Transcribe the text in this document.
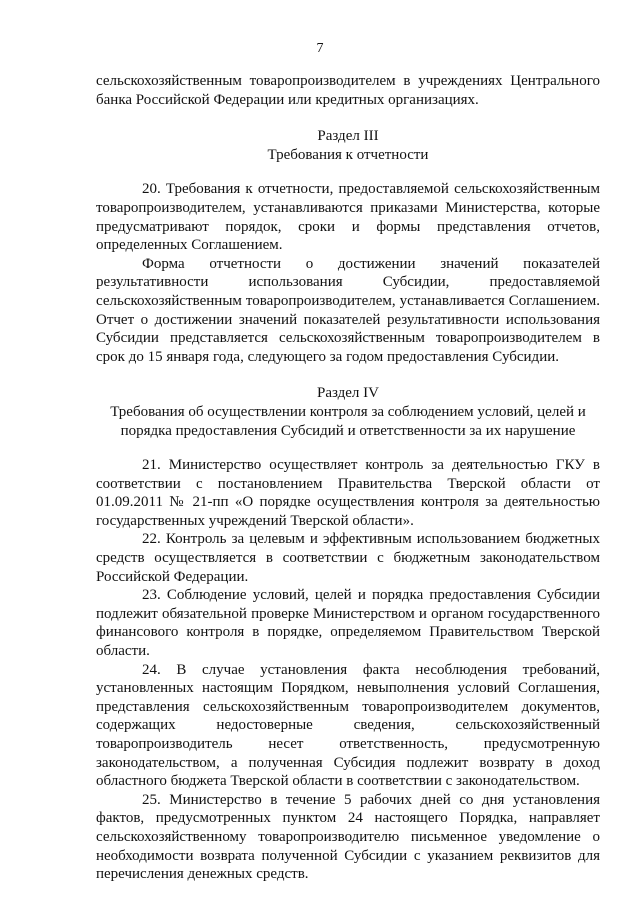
7

сельскохозяйственным товаропроизводителем в учреждениях Центрального банка Российской Федерации или кредитных организациях.

Раздел III

Требования к отчетности

20. Требования к отчетности, предоставляемой сельскохозяйственным товаропроизводителем, устанавливаются приказами Министерства, которые предусматривают порядок, сроки и формы представления отчетов, определенных Соглашением.

Форма отчетности о достижении значений показателей результативности использования Субсидии, предоставляемой сельскохозяйственным товаропроизводителем, устанавливается Соглашением. Отчет о достижении значений показателей результативности использования Субсидии представляется сельскохозяйственным товаропроизводителем в срок до 15 января года, следующего за годом предоставления Субсидии.

Раздел IV

Требования об осуществлении контроля за соблюдением условий, целей и порядка предоставления Субсидий и ответственности за их нарушение

21. Министерство осуществляет контроль за деятельностью ГКУ в соответствии с постановлением Правительства Тверской области от 01.09.2011 № 21-пп «О порядке осуществления контроля за деятельностью государственных учреждений Тверской области».

22. Контроль за целевым и эффективным использованием бюджетных средств осуществляется в соответствии с бюджетным законодательством Российской Федерации.

23. Соблюдение условий, целей и порядка предоставления Субсидии подлежит обязательной проверке Министерством и органом государственного финансового контроля в порядке, определяемом Правительством Тверской области.

24. В случае установления факта несоблюдения требований, установленных настоящим Порядком, невыполнения условий Соглашения, представления сельскохозяйственным товаропроизводителем документов, содержащих недостоверные сведения, сельскохозяйственный товаропроизводитель несет ответственность, предусмотренную законодательством, а полученная Субсидия подлежит возврату в доход областного бюджета Тверской области в соответствии с законодательством.

25. Министерство в течение 5 рабочих дней со дня установления фактов, предусмотренных пунктом 24 настоящего Порядка, направляет сельскохозяйственному товаропроизводителю письменное уведомление о необходимости возврата полученной Субсидии с указанием реквизитов для перечисления денежных средств.
